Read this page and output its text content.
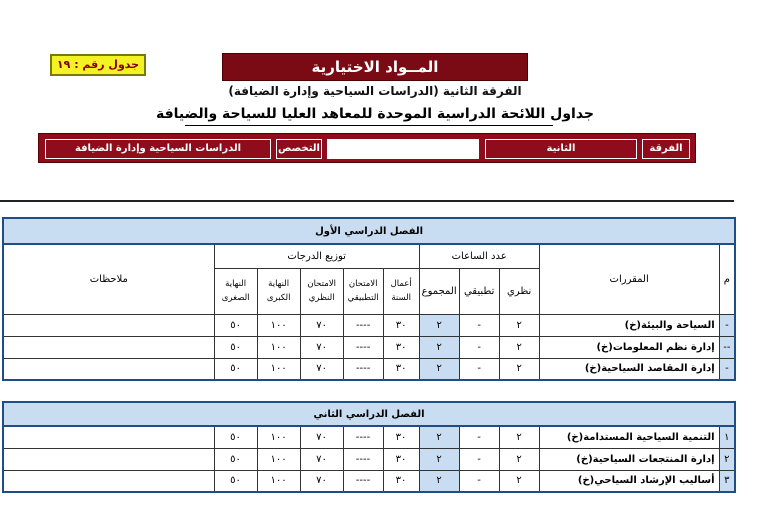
جدول رقم : ١٩	المــواد الاختيارية
الفرقة الثانية (الدراسات السياحية وإدارة الضيافة)
جداول اللائحة الدراسية الموحدة للمعاهد العليا للسياحة والضيافة
الفرقة
الثانية
التخصص
الدراسات السياحية وإدارة الضيافة
الفصل الدراسي الأول										
م	المقررات	عدد الساعات			توزيع الدرجات					ملاحظات
		نظري	تطبيقي	المجموع	أعمال السنة	الامتحان التطبيقي	الامتحان النظري	النهاية الكبرى	النهاية الصغرى	
-	السياحة والبيئة(خ)	٢	-	٢	٣٠	----	٧٠	١٠٠	٥٠	
--	إدارة نظم المعلومات(خ)	٢	-	٢	٣٠	----	٧٠	١٠٠	٥٠	
-	إدارة المقاصد السياحية(خ)	٢	-	٢	٣٠	----	٧٠	١٠٠	٥٠	
الفصل الدراسي الثاني										
١	التنمية السياحية المستدامة(خ)	٢	-	٢	٣٠	----	٧٠	١٠٠	٥٠	
٢	إدارة المنتجعات السياحية(خ)	٢	-	٢	٣٠	----	٧٠	١٠٠	٥٠	
٣	أساليب الإرشاد السياحي(خ)	٢	-	٢	٣٠	----	٧٠	١٠٠	٥٠	
